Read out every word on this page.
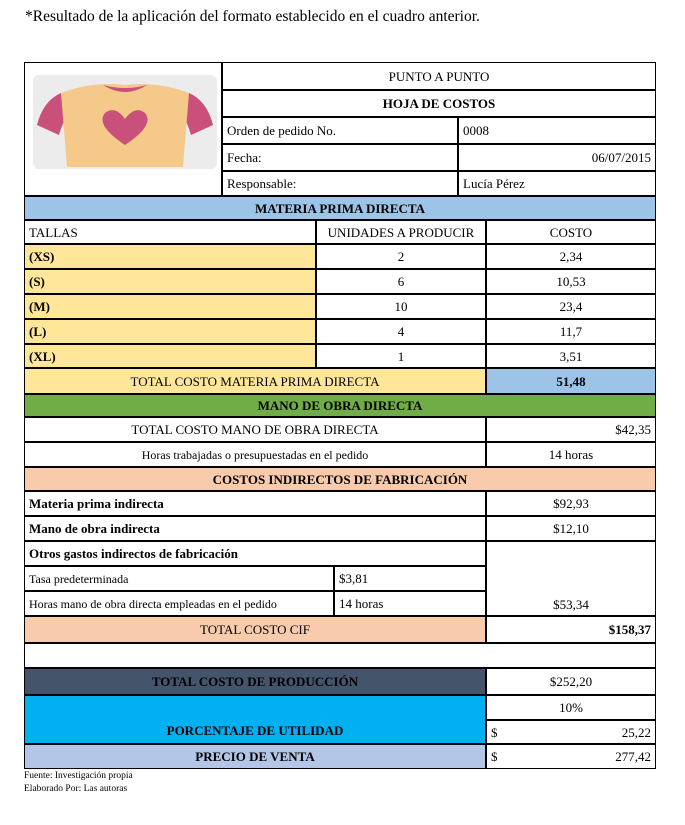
*Resultado de la aplicación del formato establecido en el cuadro anterior.
PUNTO A PUNTO
HOJA DE COSTOS
Orden de pedido No.	0008
Fecha:	06/07/2015
Responsable:	Lucía Pérez
MATERIA PRIMA DIRECTA
TALLAS	UNIDADES A PRODUCIR	COSTO
(XS)	2	2,34
(S)	6	10,53
(M)	10	23,4
(L)	4	11,7
(XL)	1	3,51
TOTAL COSTO MATERIA PRIMA DIRECTA	51,48
MANO DE OBRA DIRECTA
TOTAL COSTO MANO DE OBRA DIRECTA	$42,35
Horas trabajadas o presupuestadas en el pedido	14 horas
COSTOS INDIRECTOS DE FABRICACIÓN
Materia prima indirecta	$92,93
Mano de obra indirecta	$12,10
Otros gastos indirectos de fabricación
Tasa predeterminada	$3,81
Horas mano de obra directa empleadas en el pedido	14 horas	$53,34
TOTAL COSTO CIF	$158,37
TOTAL COSTO DE PRODUCCIÓN	$252,20
PORCENTAJE DE UTILIDAD
10%
$	25,22
PRECIO DE VENTA	$	277,42
Fuente: Investigación propia
Elaborado Por: Las autoras
